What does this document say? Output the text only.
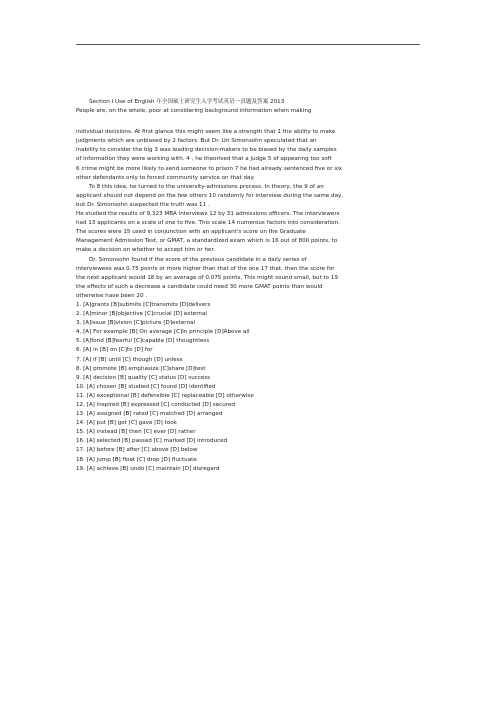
Section I Use of English 年全国硕士研究生入学考试英语一真题及答案 2013
People are, on the whole, poor at considering background information when making
individual decisions. At first glance this might seem like a strength that 1 the ability to make
judgments which are unbiased by 2 factors. But Dr. Uri Simonsohn speculated that an
inability to consider the big 3 was leading decision-makers to be biased by the daily samples
of information they were working with. 4 , he theorised that a judge 5 of appearing too soft
6 crime might be more likely to send someone to prison 7 he had already sentenced five or six
other defendants only to forced community service on that day.
To 8 this idea, he turned to the university-admissions process. In theory, the 9 of an
applicant should not depend on the few others 10 randomly for interview during the same day,
but Dr. Simonsohn suspected the truth was 11 .
He studied the results of 9,323 MBA interviews 12 by 31 admissions officers. The interviewers
had 13 applicants on a scale of one to five. This scale 14 numerous factors into consideration.
The scores were 15 used in conjunction with an applicant's score on the Graduate
Management Admission Test, or GMAT, a standardized exam which is 16 out of 800 points, to
make a decision on whether to accept him or her.
Dr. Simonsohn found if the score of the previous candidate in a daily series of
interviewees was 0.75 points or more higher than that of the one 17 that, then the score for
the next applicant would 18 by an average of 0.075 points. This might sound small, but to 19
the effects of such a decrease a candidate could need 30 more GMAT points than would
otherwise have been 20 .
1. [A]grants [B]submits [C]transmits [D]delivers
2. [A]minor [B]objective [C]crucial [D] external
3. [A]issue [B]vision [C]picture [D]external
4. [A] For example [B] On average [C]In principle [D]Above all
5. [A]fond [B]fearful [C]capable [D] thoughtless
6. [A] in [B] on [C]to [D] for
7. [A] if [B] until [C] though [D] unless
8. [A] promote [B] emphasize [C]share [D]test
9. [A] decision [B] quality [C] status [D] success
10. [A] chosen [B] studied [C] found [D] identified
11. [A] exceptional [B] defensible [C] replaceable [D] otherwise
12. [A] inspired [B] expressed [C] conducted [D] secured
13. [A] assigned [B] rated [C] matched [D] arranged
14. [A] put [B] got [C] gave [D] took
15. [A] instead [B] then [C] ever [D] rather
16. [A] selected [B] passed [C] marked [D] introduced
17. [A] before [B] after [C] above [D] below
18. [A] jump [B] float [C] drop [D] fluctuate
19. [A] achieve [B] undo [C] maintain [D] disregard
